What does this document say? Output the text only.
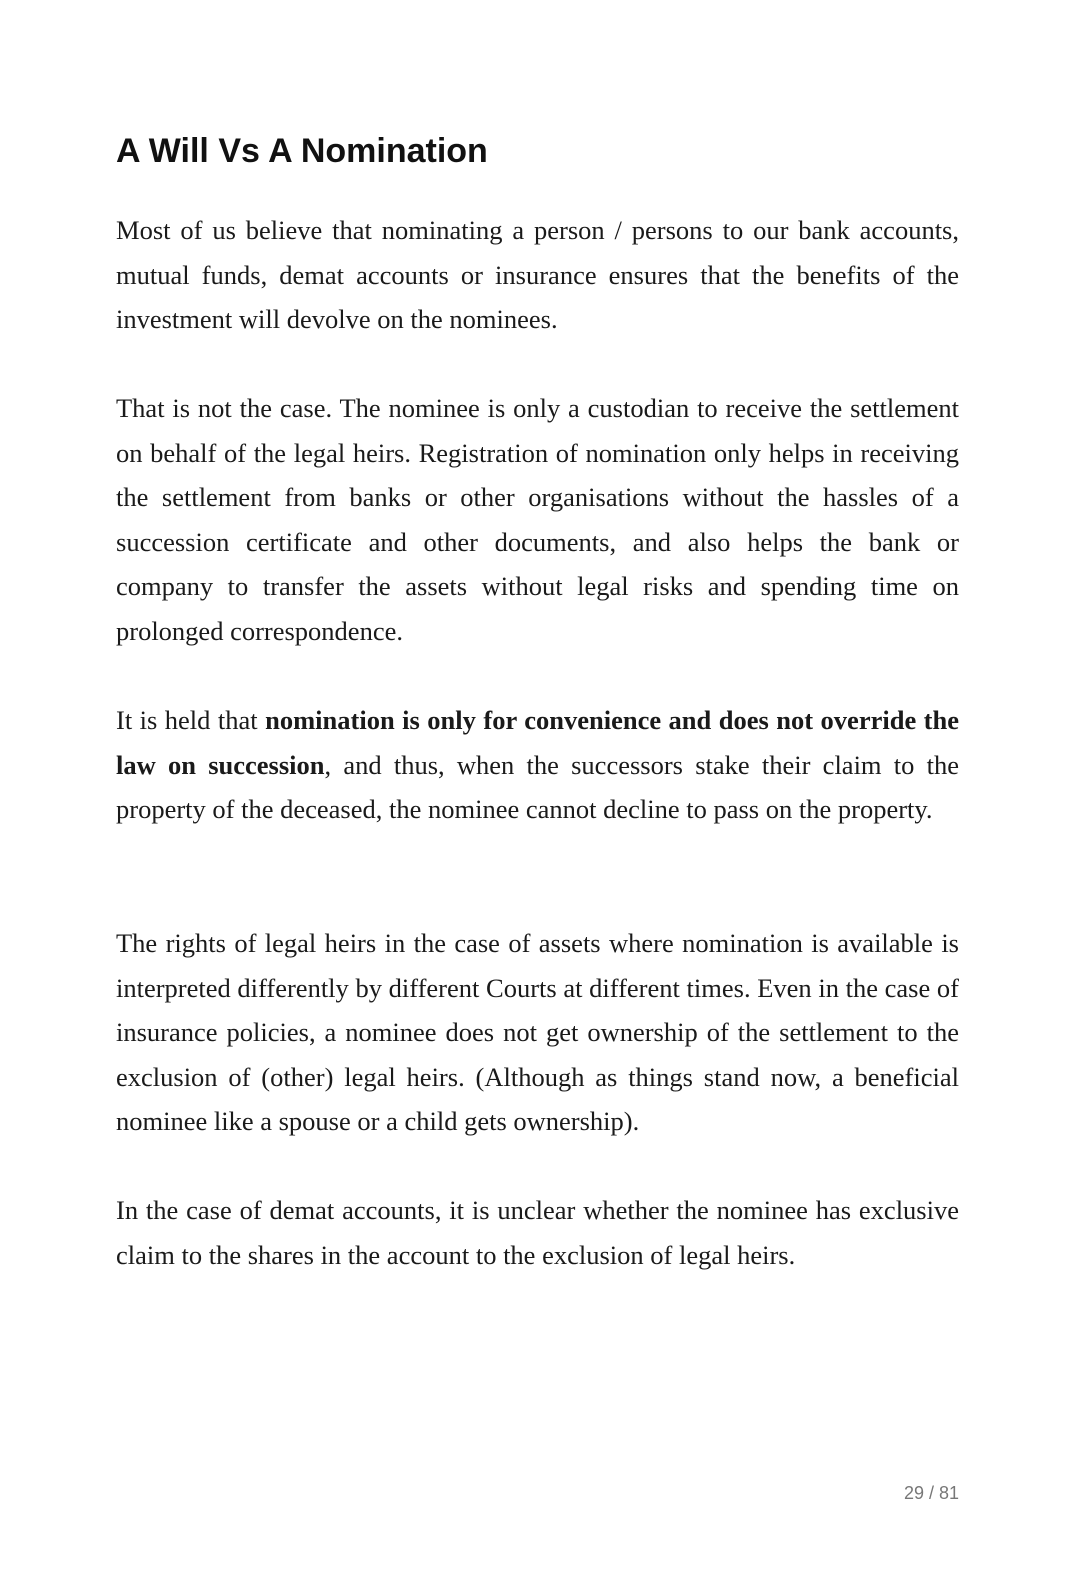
A Will Vs A Nomination

Most of us believe that nominating a person / persons to our bank accounts, mutual funds, demat accounts or insurance ensures that the benefits of the investment will devolve on the nominees.

That is not the case. The nominee is only a custodian to receive the settlement on behalf of the legal heirs. Registration of nomination only helps in receiving the settlement from banks or other organisations without the hassles of a succession certificate and other documents, and also helps the bank or company to transfer the assets without legal risks and spending time on prolonged correspondence.

It is held that nomination is only for convenience and does not override the law on succession, and thus, when the successors stake their claim to the property of the deceased, the nominee cannot decline to pass on the property.

The rights of legal heirs in the case of assets where nomination is available is interpreted differently by different Courts at different times. Even in the case of insurance policies, a nominee does not get ownership of the settlement to the exclusion of (other) legal heirs. (Although as things stand now, a beneficial nominee like a spouse or a child gets ownership).

In the case of demat accounts, it is unclear whether the nominee has exclusive claim to the shares in the account to the exclusion of legal heirs.

29 / 81
